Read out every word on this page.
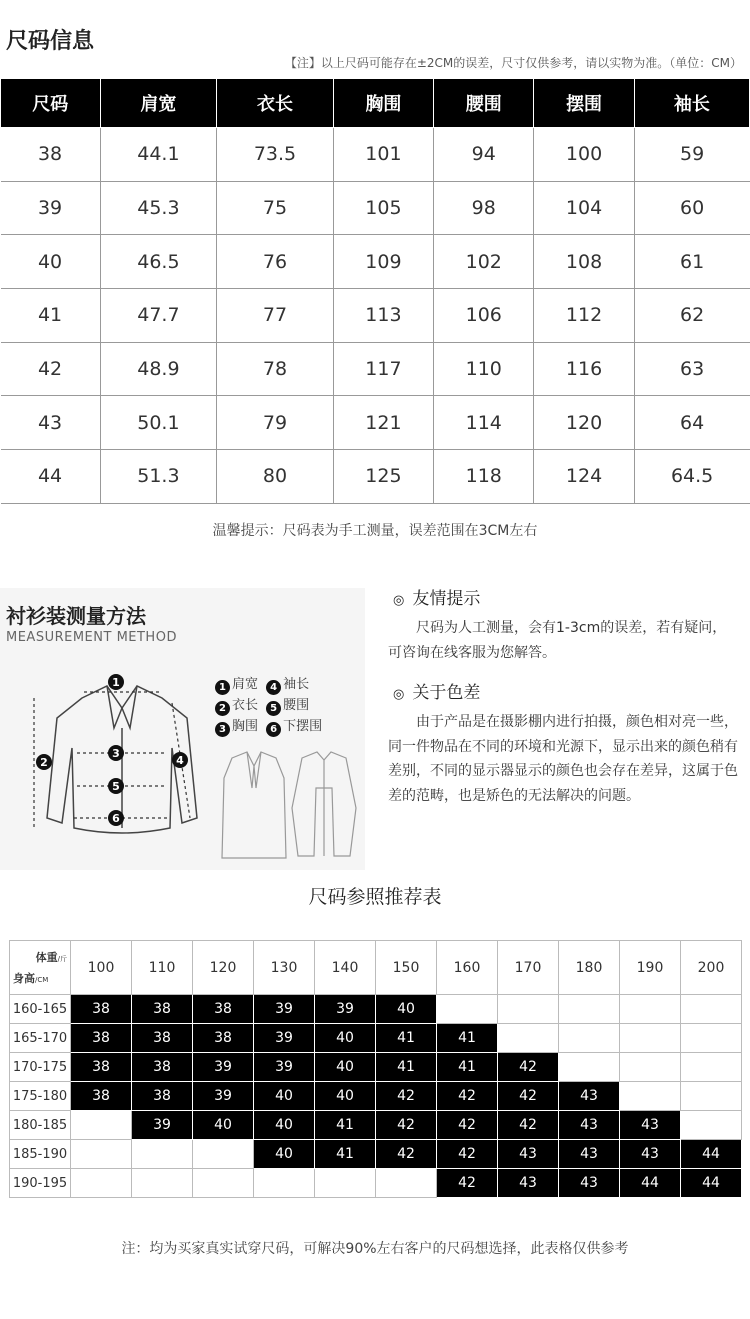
尺码信息
【注】以上尺码可能存在±2CM的误差，尺寸仅供参考，请以实物为准。（单位：CM）
尺码	肩宽	衣长	胸围	腰围	摆围	袖长
38	44.1	73.5	101	94	100	59
39	45.3	75	105	98	104	60
40	46.5	76	109	102	108	61
41	47.7	77	113	106	112	62
42	48.9	78	117	110	116	63
43	50.1	79	121	114	120	64
44	51.3	80	125	118	124	64.5
温馨提示：尺码表为手工测量，误差范围在3CM左右
衬衫装测量方法
MEASUREMENT METHOD
1
2
3
4
5
6
1 肩宽 4 袖长
2 衣长 5 腰围
3 胸围 6 下摆围
◎ 友情提示
尺码为人工测量，会有1-3cm的误差，若有疑问，可咨询在线客服为您解答。
◎ 关于色差
由于产品是在摄影棚内进行拍摄，颜色相对亮一些，同一件物品在不同的环境和光源下，显示出来的颜色稍有差别，不同的显示器显示的颜色也会存在差异，这属于色差的范畴，也是矫色的无法解决的问题。
尺码参照推荐表
体重/斤
身高/CM	100	110	120	130	140	150	160	170	180	190	200
160-165	38	38	38	39	39	40					
165-170	38	38	38	39	40	41	41				
170-175	38	38	39	39	40	41	41	42			
175-180	38	38	39	40	40	42	42	42	43		
180-185		39	40	40	41	42	42	42	43	43	
185-190				40	41	42	42	43	43	43	44
190-195							42	43	43	44	44
注：均为买家真实试穿尺码，可解决90%左右客户的尺码想选择，此表格仅供参考
